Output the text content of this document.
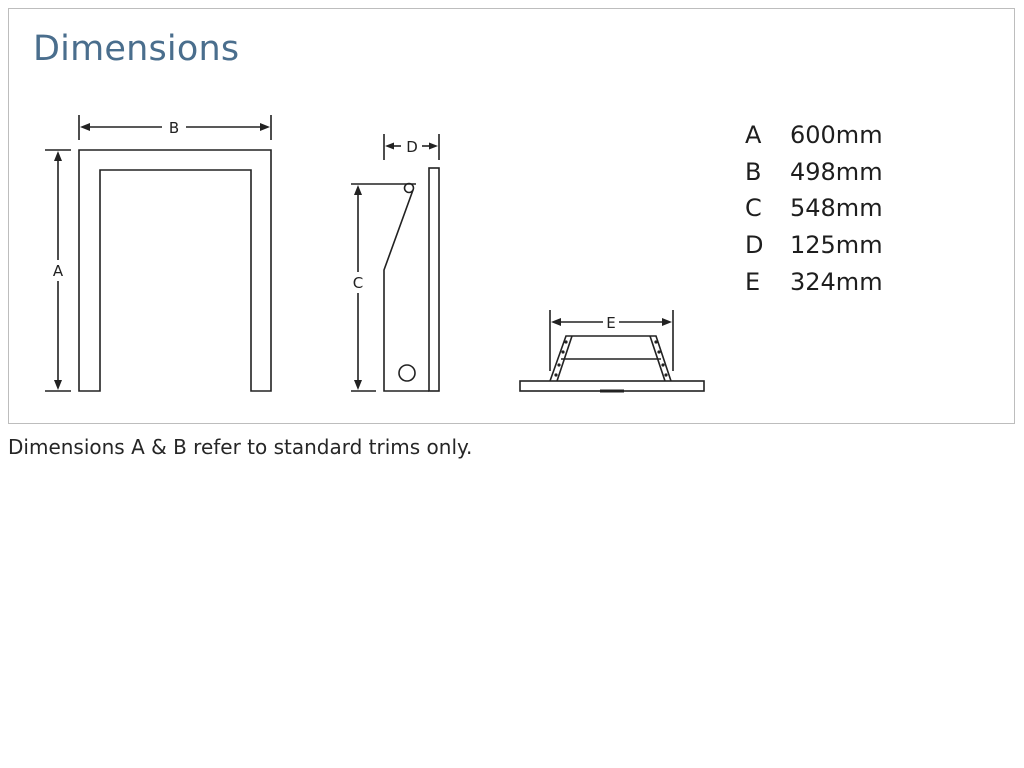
Dimensions
B
A
D
C
E
A	600mm
B	498mm
C	548mm
D	125mm
E	324mm
Dimensions A & B refer to standard trims only.
